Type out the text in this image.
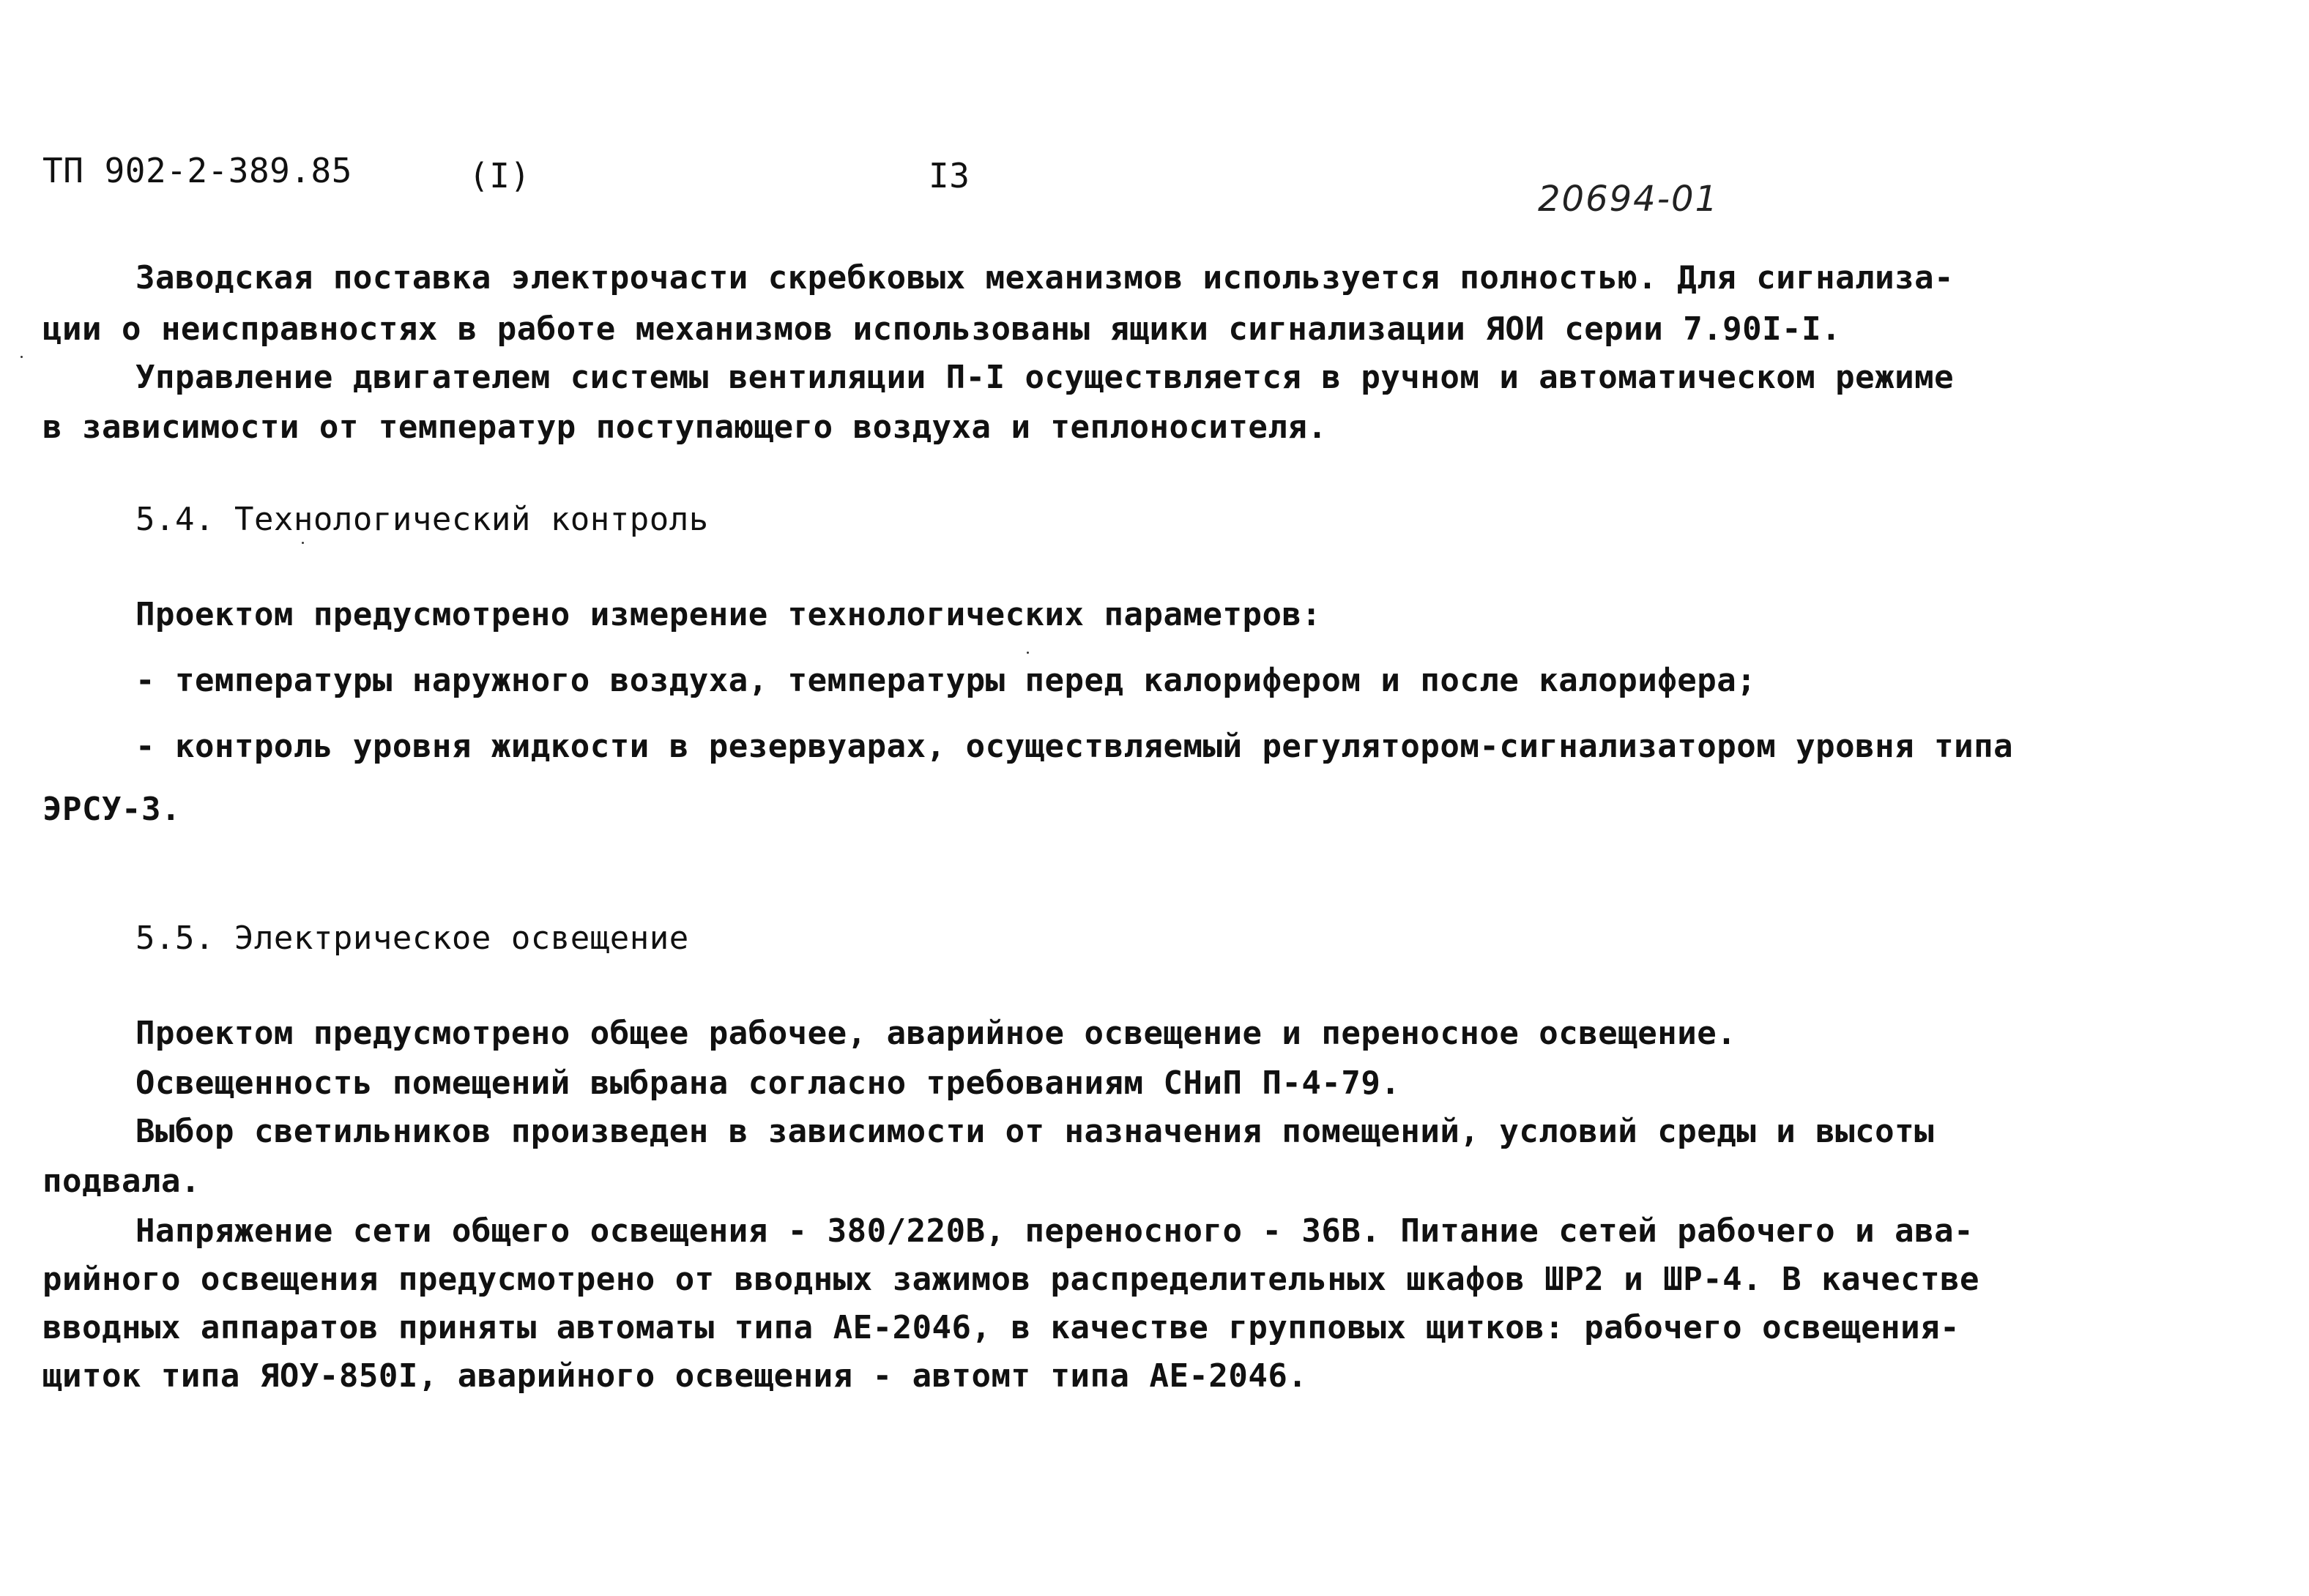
ТП 902-2-389.85	(I)	I3
20694-01
Заводская поставка электрочасти скребковых механизмов используется полностью. Для сигнализа-
ции о неисправностях в работе механизмов использованы ящики сигнализации ЯОИ серии 7.90I-I.
Управление двигателем системы вентиляции П-I осуществляется в ручном и автоматическом режиме
в зависимости от температур поступающего воздуха и теплоносителя.
5.4. Технологический контроль
Проектом предусмотрено измерение технологических параметров:
- температуры наружного воздуха, температуры перед калорифером и после калорифера;
- контроль уровня жидкости в резервуарах, осуществляемый регулятором-сигнализатором уровня типа
ЭРСУ-3.
5.5. Электрическое освещение
Проектом предусмотрено общее рабочее, аварийное освещение и переносное освещение.
Освещенность помещений выбрана согласно требованиям СНиП П-4-79.
Выбор светильников произведен в зависимости от назначения помещений, условий среды и высоты
подвала.
Напряжение сети общего освещения - 380/220В, переносного - 36В. Питание сетей рабочего и ава-
рийного освещения предусмотрено от вводных зажимов распределительных шкафов ШР2 и ШР-4. В качестве
вводных аппаратов приняты автоматы типа АЕ-2046, в качестве групповых щитков: рабочего освещения-
щиток типа ЯОУ-850I, аварийного освещения - автомт типа АЕ-2046.
